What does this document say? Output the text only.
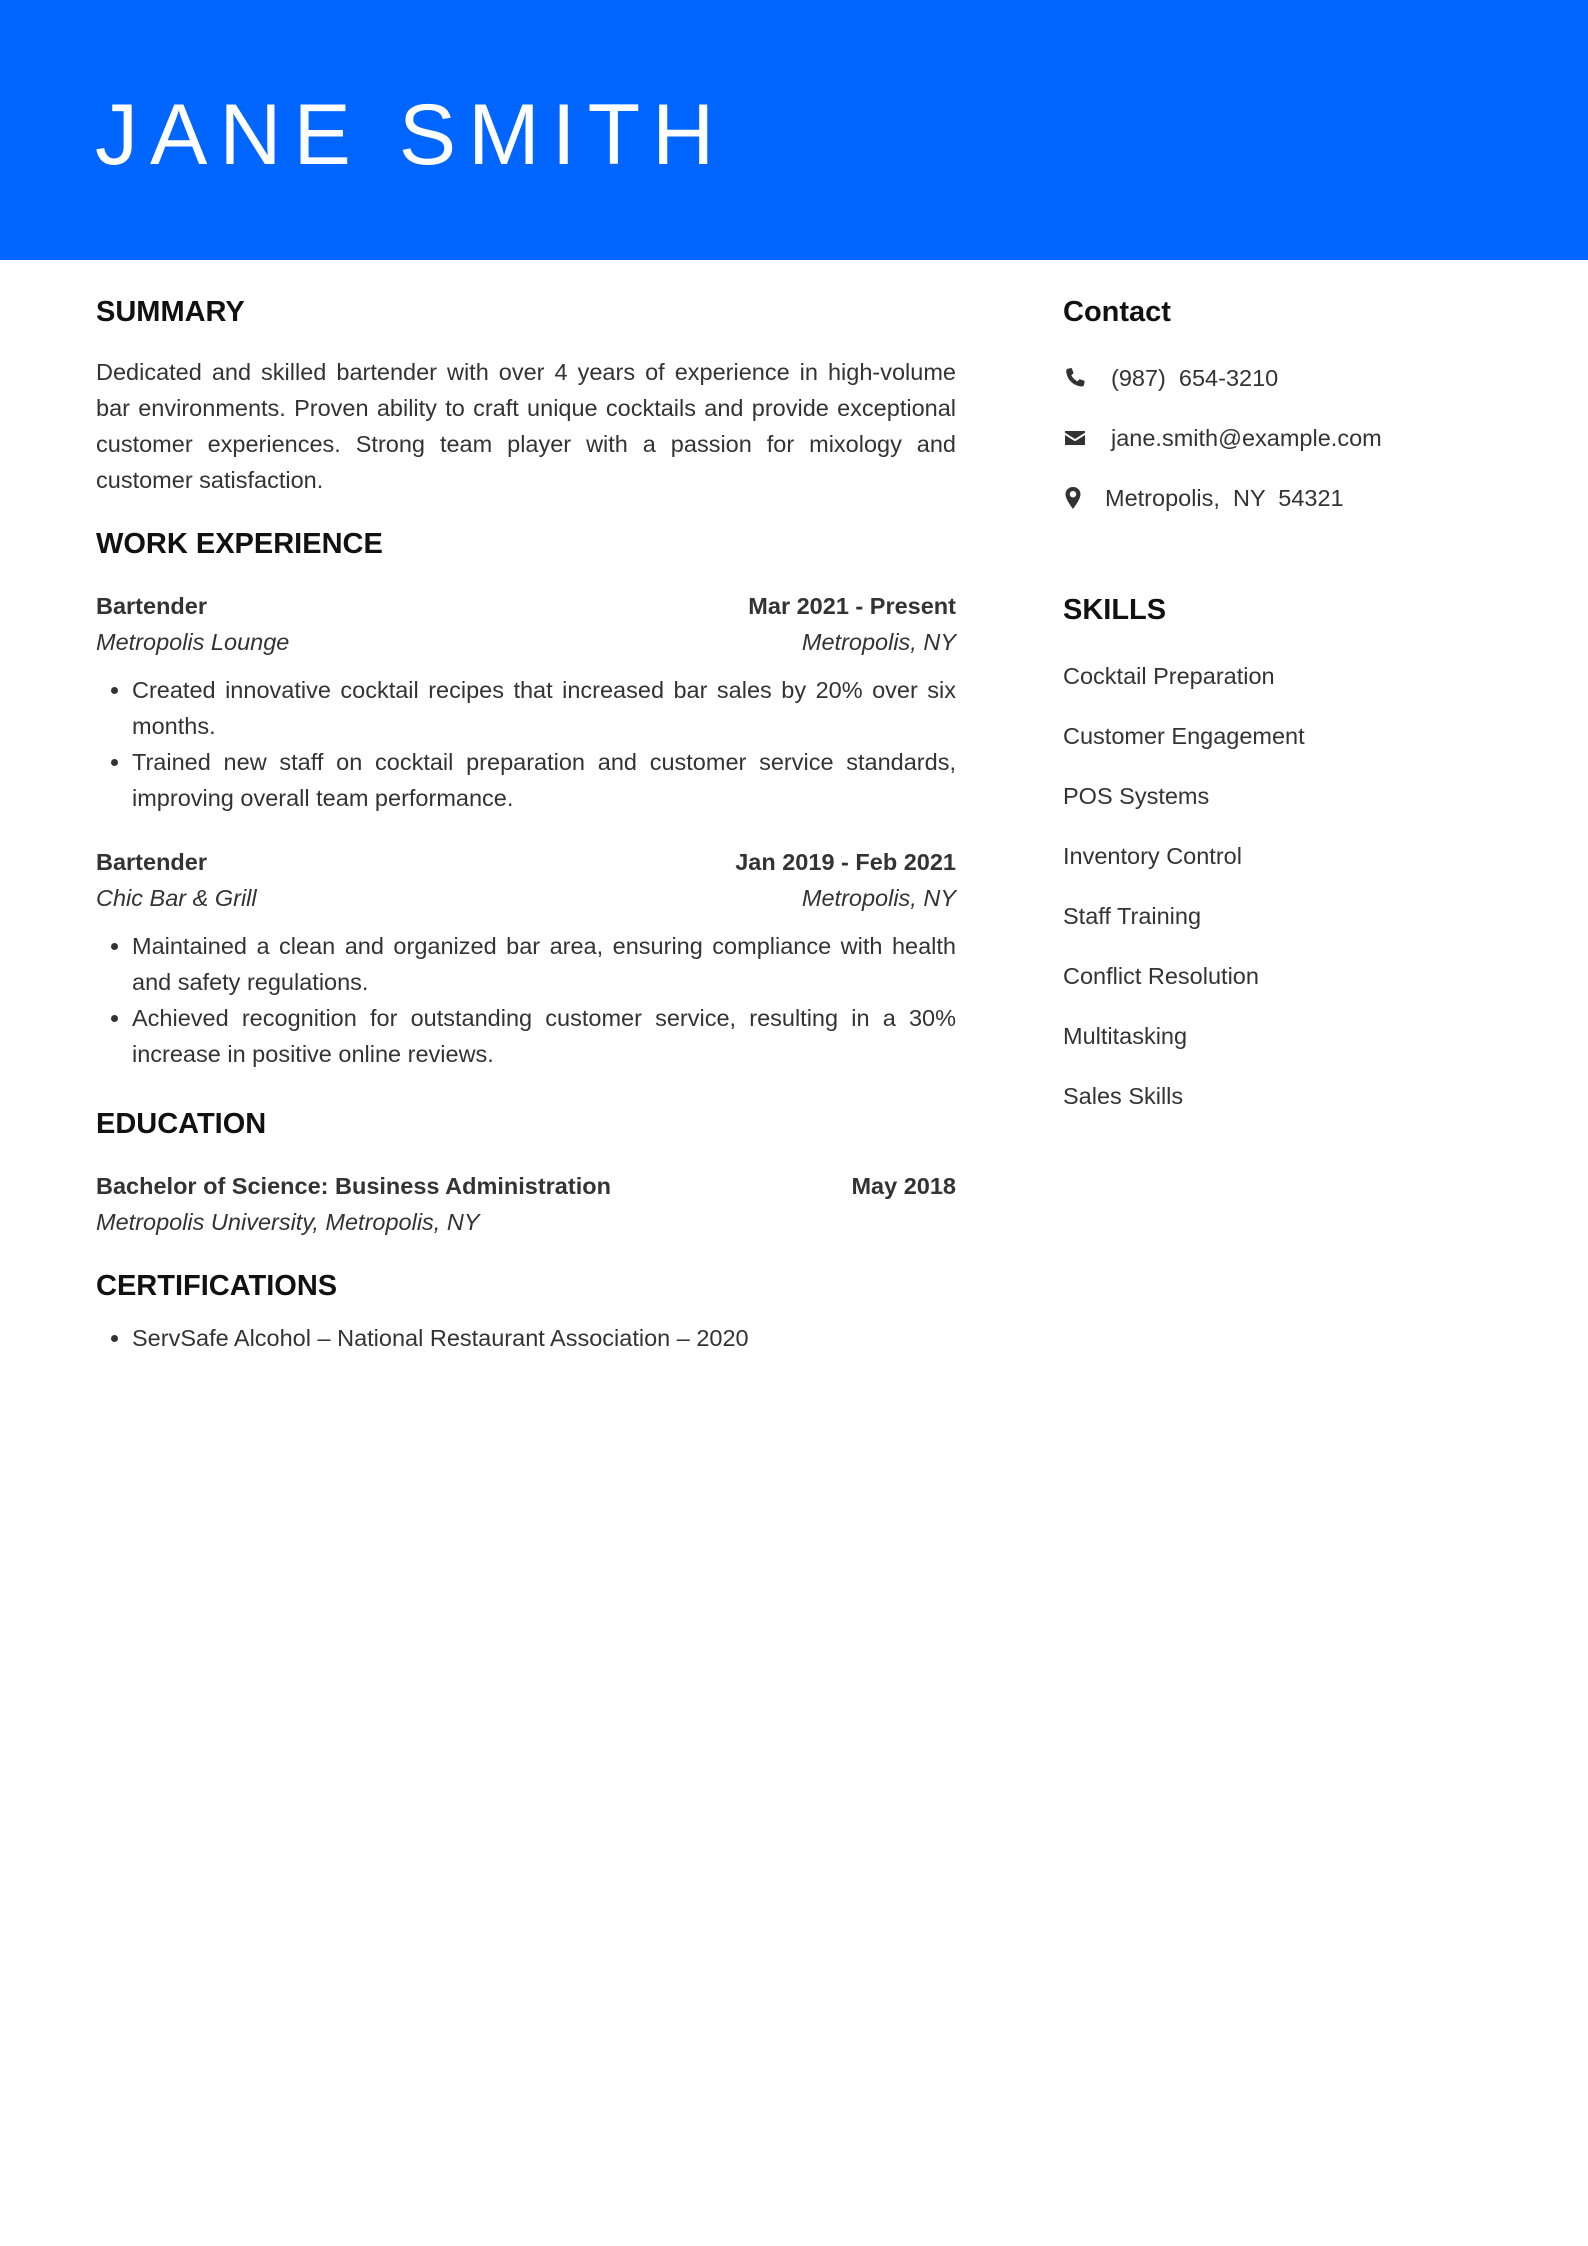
JANE SMITH
SUMMARY

Dedicated and skilled bartender with over 4 years of experience in high-volume bar environments. Proven ability to craft unique cocktails and provide exceptional customer experiences. Strong team player with a passion for mixology and customer satisfaction.

WORK EXPERIENCE
Bartender	Mar 2021 - Present
Metropolis Lounge	Metropolis, NY
• Created innovative cocktail recipes that increased bar sales by 20% over six months.
• Trained new staff on cocktail preparation and customer service standards, improving overall team performance.
Bartender	Jan 2019 - Feb 2021
Chic Bar & Grill	Metropolis, NY
• Maintained a clean and organized bar area, ensuring compliance with health and safety regulations.
• Achieved recognition for outstanding customer service, resulting in a 30% increase in positive online reviews.
EDUCATION
Bachelor of Science: Business Administration	May 2018
Metropolis University, Metropolis, NY
CERTIFICATIONS
• ServSafe Alcohol – National Restaurant Association – 2020
Contact
(987)  654-3210
jane.smith@example.com
Metropolis,  NY  54321
SKILLS
Cocktail Preparation
Customer Engagement
POS Systems
Inventory Control
Staff Training
Conflict Resolution
Multitasking
Sales Skills
